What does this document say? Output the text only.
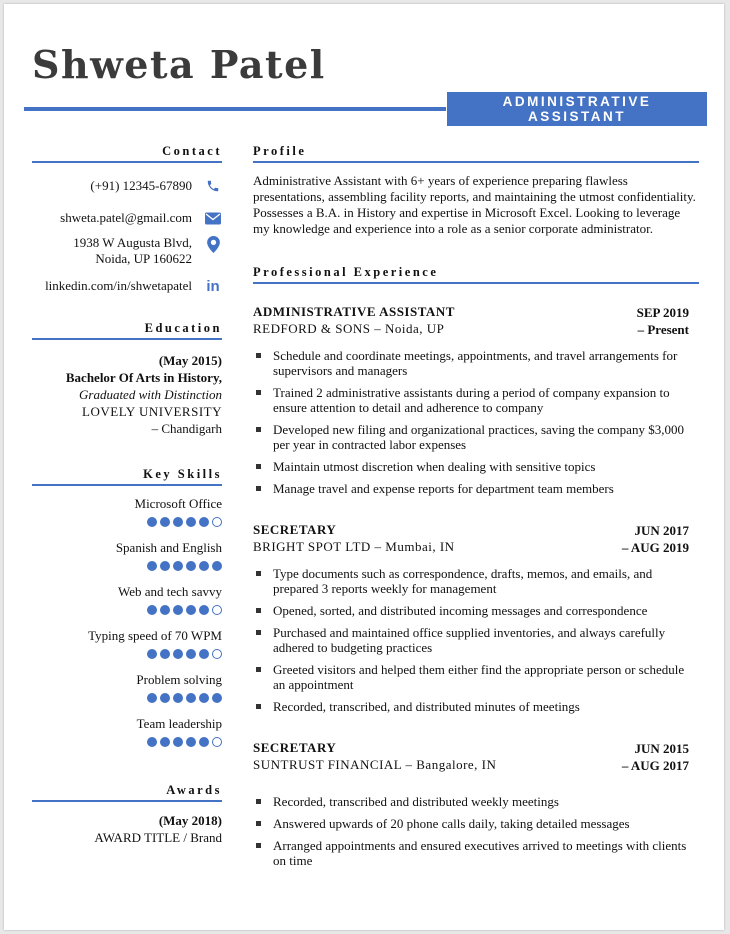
Shweta Patel
ADMINISTRATIVE
ASSISTANT
Contact
(+91) 12345-67890
shweta.patel@gmail.com
1938 W Augusta Blvd,
Noida, UP 160622
linkedin.com/in/shwetapatel in
Education
(May 2015)
Bachelor Of Arts in History,
Graduated with Distinction
LOVELY UNIVERSITY
– Chandigarh
Key Skills
Microsoft Office
Spanish and English
Web and tech savvy
Typing speed of 70 WPM
Problem solving
Team leadership
Awards
(May 2018)
AWARD TITLE / Brand
Profile
Administrative Assistant with 6+ years of experience preparing flawless presentations, assembling facility reports, and maintaining the utmost confidentiality. Possesses a B.A. in History and expertise in Microsoft Excel. Looking to leverage my knowledge and experience into a role as a senior corporate administrator.
Professional Experience
ADMINISTRATIVE ASSISTANT
REDFORD & SONS – Noida, UP
SEP 2019
– Present
Schedule and coordinate meetings, appointments, and travel arrangements for supervisors and managers
Trained 2 administrative assistants during a period of company expansion to ensure attention to detail and adherence to company
Developed new filing and organizational practices, saving the company $3,000 per year in contracted labor expenses
Maintain utmost discretion when dealing with sensitive topics
Manage travel and expense reports for department team members
SECRETARY
BRIGHT SPOT LTD – Mumbai, IN
JUN 2017
– AUG 2019
Type documents such as correspondence, drafts, memos, and emails, and prepared 3 reports weekly for management
Opened, sorted, and distributed incoming messages and correspondence
Purchased and maintained office supplied inventories, and always carefully adhered to budgeting practices
Greeted visitors and helped them either find the appropriate person or schedule an appointment
Recorded, transcribed, and distributed minutes of meetings
SECRETARY
SUNTRUST FINANCIAL – Bangalore, IN
JUN 2015
– AUG 2017
Recorded, transcribed and distributed weekly meetings
Answered upwards of 20 phone calls daily, taking detailed messages
Arranged appointments and ensured executives arrived to meetings with clients on time
